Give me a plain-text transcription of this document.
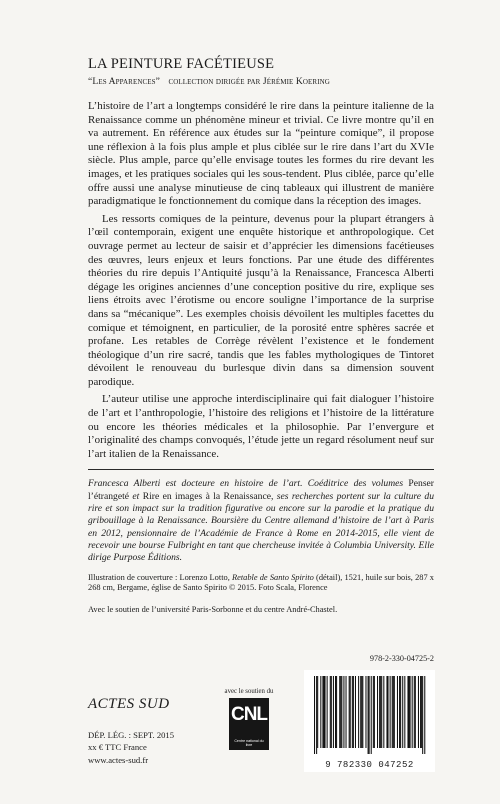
LA PEINTURE FACÉTIEUSE
“Les Apparences” collection dirigée par Jérémie Koering

L’histoire de l’art a longtemps considéré le rire dans la peinture italienne de la Renaissance comme un phénomène mineur et trivial. Ce livre montre qu’il en va autrement. En référence aux études sur la “peinture comique”, il propose une réflexion à la fois plus ample et plus ciblée sur le rire dans l’art du XVIe siècle. Plus ample, parce qu’elle envisage toutes les formes du rire devant les images, et les pratiques sociales qui les sous-tendent. Plus ciblée, parce qu’elle offre aussi une analyse minutieuse de cinq tableaux qui illustrent de manière paradigmatique le fonctionnement du comique dans la réception des images.

Les ressorts comiques de la peinture, devenus pour la plupart étrangers à l’œil contemporain, exigent une enquête historique et anthropologique. Cet ouvrage permet au lecteur de saisir et d’apprécier les dimensions facétieuses des œuvres, leurs enjeux et leurs fonctions. Par une étude des différentes théories du rire depuis l’Antiquité jusqu’à la Renaissance, Francesca Alberti dégage les origines anciennes d’une conception positive du rire, explique ses liens étroits avec l’érotisme ou encore souligne l’importance de la surprise dans sa “mécanique”. Les exemples choisis dévoilent les multiples facettes du comique et témoignent, en particulier, de la porosité entre sphères sacrée et profane. Les retables de Corrège révèlent l’existence et le fondement théologique d’un rire sacré, tandis que les fables mythologiques de Tintoret dévoilent le renouveau du burlesque divin dans sa dimension souvent parodique.

L’auteur utilise une approche interdisciplinaire qui fait dialoguer l’histoire de l’art et l’anthropologie, l’histoire des religions et l’histoire de la littérature ou encore les théories médicales et la philosophie. Par l’envergure et l’originalité des champs convoqués, l’étude jette un regard résolument neuf sur l’art italien de la Renaissance.

Francesca Alberti est docteure en histoire de l’art. Coéditrice des volumes Penser l’étrangeté et Rire en images à la Renaissance, ses recherches portent sur la culture du rire et son impact sur la tradition figurative ou encore sur la parodie et la pratique du gribouillage à la Renaissance. Boursière du Centre allemand d’histoire de l’art à Paris en 2012, pensionnaire de l’Académie de France à Rome en 2014-2015, elle vient de recevoir une bourse Fulbright en tant que chercheuse invitée à Columbia University. Elle dirige Purpose Éditions.

Illustration de couverture : Lorenzo Lotto, Retable de Santo Spirito (détail), 1521, huile sur bois, 287 x 268 cm, Bergame, église de Santo Spirito © 2015. Foto Scala, Florence
Avec le soutien de l’université Paris-Sorbonne et du centre André-Chastel.
ACTES SUD
DÉP. LÉG. : SEPT. 2015
xx € TTC France
www.actes-sud.fr
avec le soutien du
CNL
Centre national du livre
978-2-330-04725-2
9 782330 047252
